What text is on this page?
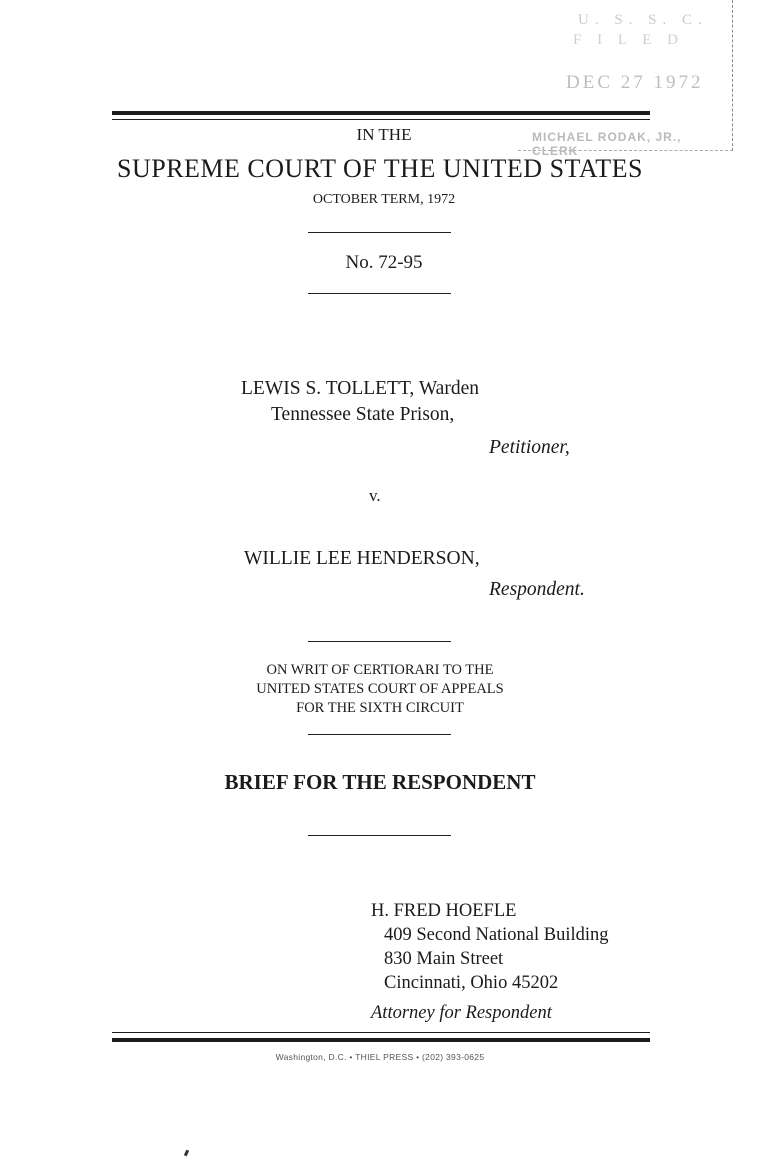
U. S. S. C.
F I L E D
DEC 27 1972
MICHAEL RODAK, JR., CLERK
IN THE
SUPREME COURT OF THE UNITED STATES
OCTOBER TERM, 1972
No. 72-95
LEWIS S. TOLLETT, Warden
Tennessee State Prison,
Petitioner,
v.
WILLIE LEE HENDERSON,
Respondent.
ON WRIT OF CERTIORARI TO THE
UNITED STATES COURT OF APPEALS
FOR THE SIXTH CIRCUIT
BRIEF FOR THE RESPONDENT
H. FRED HOEFLE
409 Second National Building
830 Main Street
Cincinnati, Ohio 45202
Attorney for Respondent
Washington, D.C. • THIEL PRESS • (202) 393-0625
